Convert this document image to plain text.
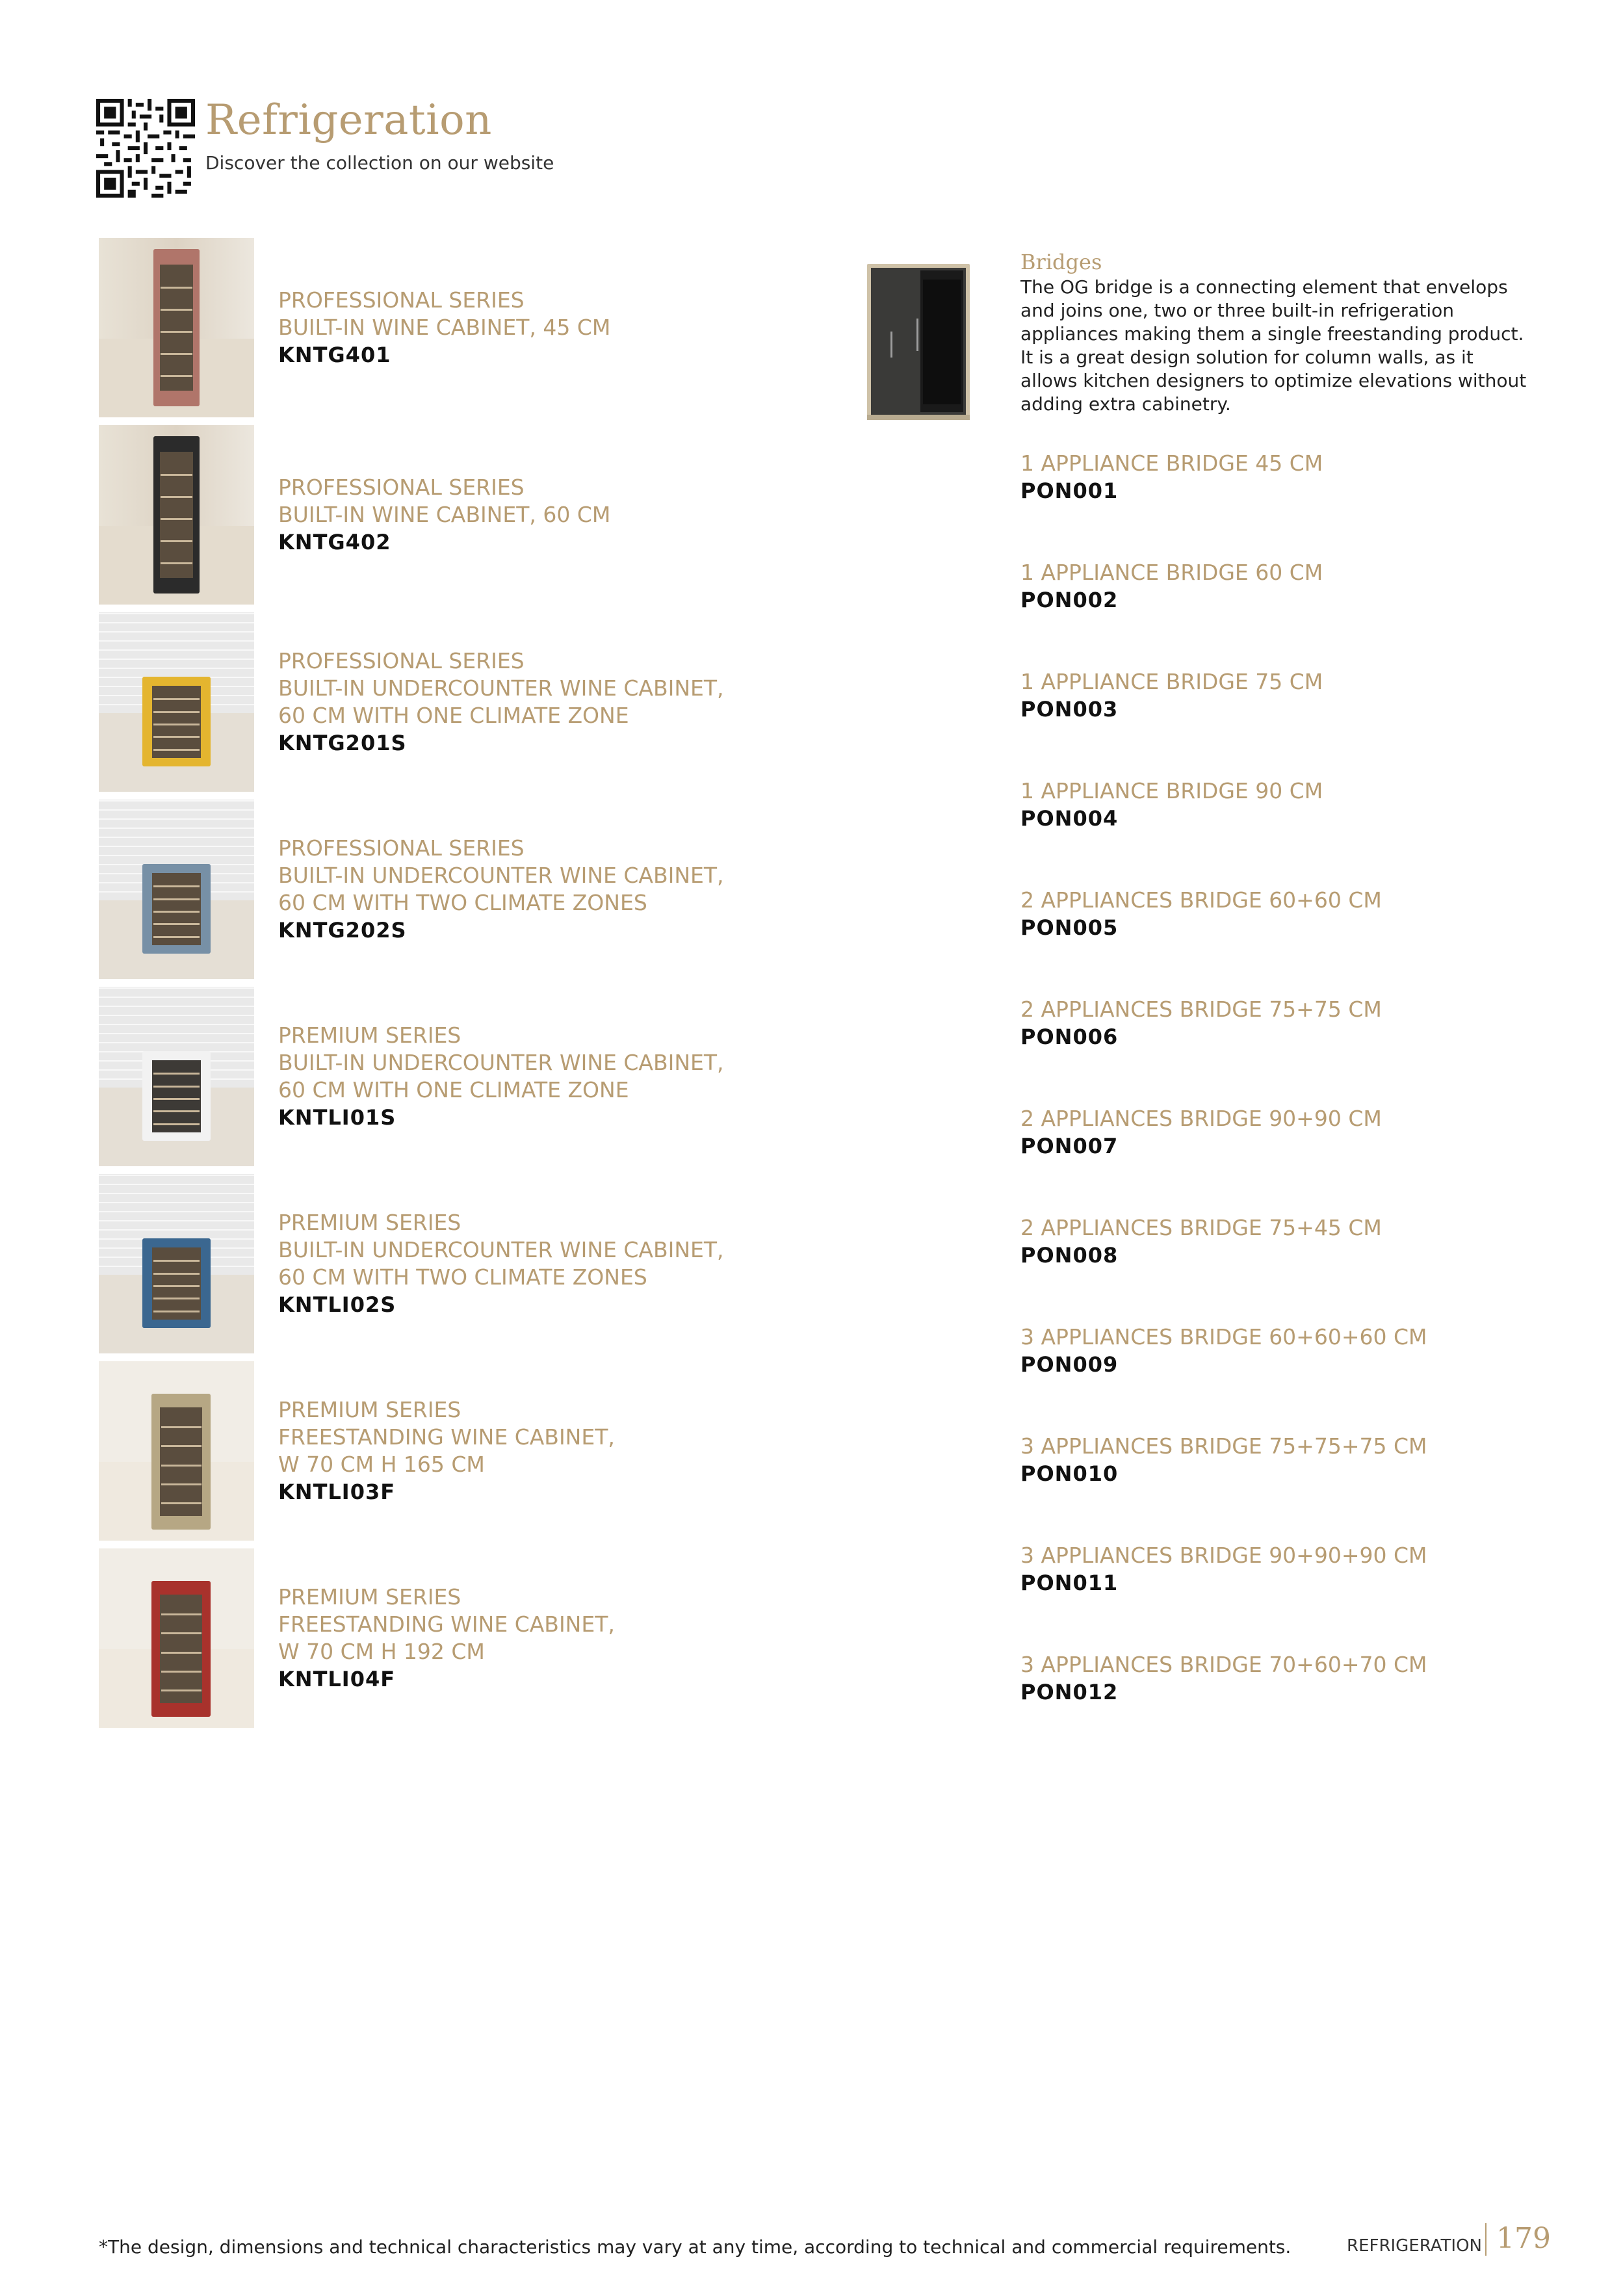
Refrigeration
Discover the collection on our website
PROFESSIONAL SERIES
BUILT-IN WINE CABINET, 45 CM
KNTG401
PROFESSIONAL SERIES
BUILT-IN WINE CABINET, 60 CM
KNTG402
PROFESSIONAL SERIES
BUILT-IN UNDERCOUNTER WINE CABINET,
60 CM WITH ONE CLIMATE ZONE
KNTG201S
PROFESSIONAL SERIES
BUILT-IN UNDERCOUNTER WINE CABINET,
60 CM WITH TWO CLIMATE ZONES
KNTG202S
PREMIUM SERIES
BUILT-IN UNDERCOUNTER WINE CABINET,
60 CM WITH ONE CLIMATE ZONE
KNTLI01S
PREMIUM SERIES
BUILT-IN UNDERCOUNTER WINE CABINET,
60 CM WITH TWO CLIMATE ZONES
KNTLI02S
PREMIUM SERIES
FREESTANDING WINE CABINET,
W 70 CM H 165 CM
KNTLI03F
PREMIUM SERIES
FREESTANDING WINE CABINET,
W 70 CM H 192 CM
KNTLI04F
Bridges
The OG bridge is a connecting element that envelops and joins one, two or three built-in refrigeration appliances making them a single freestanding product. It is a great design solution for column walls, as it allows kitchen designers to optimize elevations without adding extra cabinetry.
1 APPLIANCE BRIDGE 45 CM
PON001
1 APPLIANCE BRIDGE 60 CM
PON002
1 APPLIANCE BRIDGE 75 CM
PON003
1 APPLIANCE BRIDGE 90 CM
PON004
2 APPLIANCES BRIDGE 60+60 CM
PON005
2 APPLIANCES BRIDGE 75+75 CM
PON006
2 APPLIANCES BRIDGE 90+90 CM
PON007
2 APPLIANCES BRIDGE 75+45 CM
PON008
3 APPLIANCES BRIDGE 60+60+60 CM
PON009
3 APPLIANCES BRIDGE 75+75+75 CM
PON010
3 APPLIANCES BRIDGE 90+90+90 CM
PON011
3 APPLIANCES BRIDGE 70+60+70 CM
PON012
*The design, dimensions and technical characteristics may vary at any time, according to technical and commercial requirements.	REFRIGERATION 179
